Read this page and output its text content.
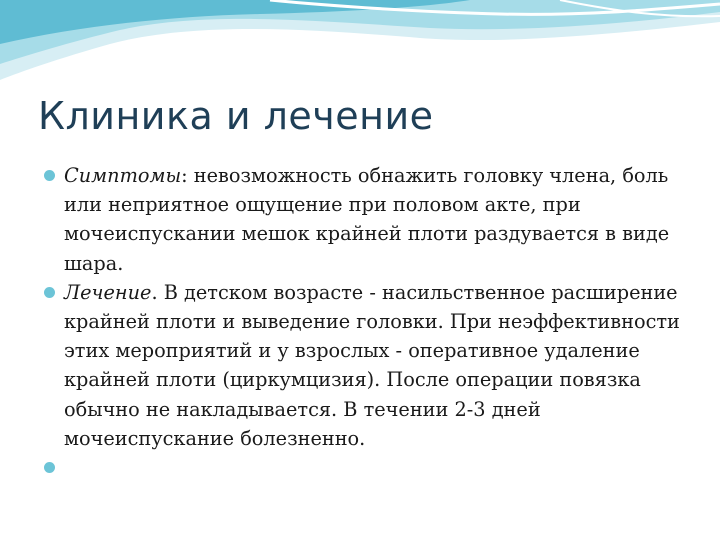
Клиника и лечение
Симптомы: невозможность обнажить головку члена, боль или неприятное ощущение при половом акте, при мочеиспускании мешок крайней плоти раздувается в виде шара.
Лечение. В детском возрасте - насильственное расширение крайней плоти и выведение головки. При неэффективности этих мероприятий и у взрослых - оперативное удаление крайней плоти (циркумцизия). После операции повязка обычно не накладывается. В течении 2-3 дней мочеиспускание болезненно.
